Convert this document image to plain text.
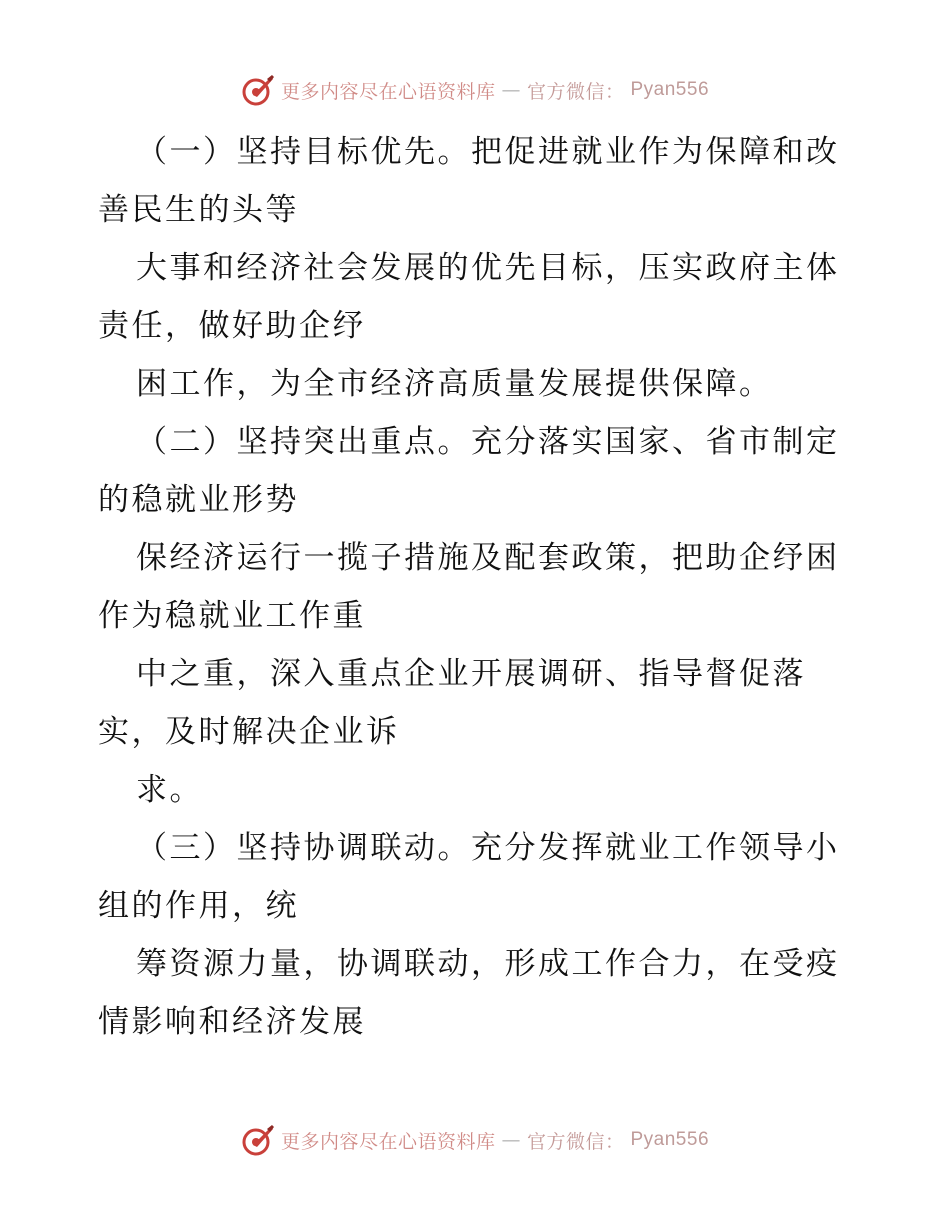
更多内容尽在心语资料库 — 官方微信： Pyan556
（一）坚持目标优先。把促进就业作为保障和改
善民生的头等
大事和经济社会发展的优先目标，压实政府主体
责任，做好助企纾
困工作，为全市经济高质量发展提供保障。
（二）坚持突出重点。充分落实国家、省市制定
的稳就业形势
保经济运行一揽子措施及配套政策，把助企纾困
作为稳就业工作重
中之重，深入重点企业开展调研、指导督促落
实，及时解决企业诉
求。
（三）坚持协调联动。充分发挥就业工作领导小
组的作用，统
筹资源力量，协调联动，形成工作合力，在受疫
情影响和经济发展
更多内容尽在心语资料库 — 官方微信： Pyan556
